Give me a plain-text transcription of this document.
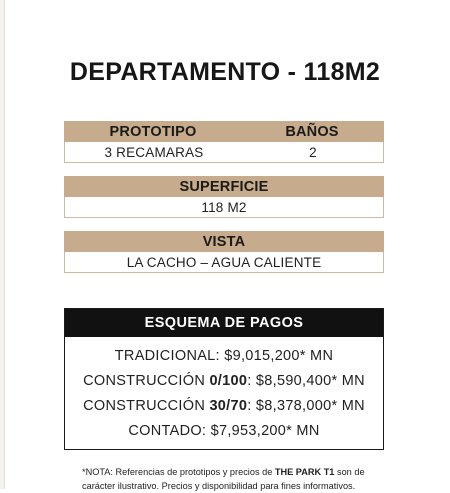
DEPARTAMENTO - 118M2
PROTOTIPO	BAÑOS
3 RECAMARAS	2
SUPERFICIE
118 M2
VISTA
LA CACHO – AGUA CALIENTE
ESQUEMA DE PAGOS
TRADICIONAL: $9,015,200* MN
CONSTRUCCIÓN 0/100: $8,590,400* MN
CONSTRUCCIÓN 30/70: $8,378,000* MN
CONTADO: $7,953,200* MN
*NOTA: Referencias de prototipos y precios de THE PARK T1 son de
carácter ilustrativo. Precios y disponibilidad para fines informativos.
